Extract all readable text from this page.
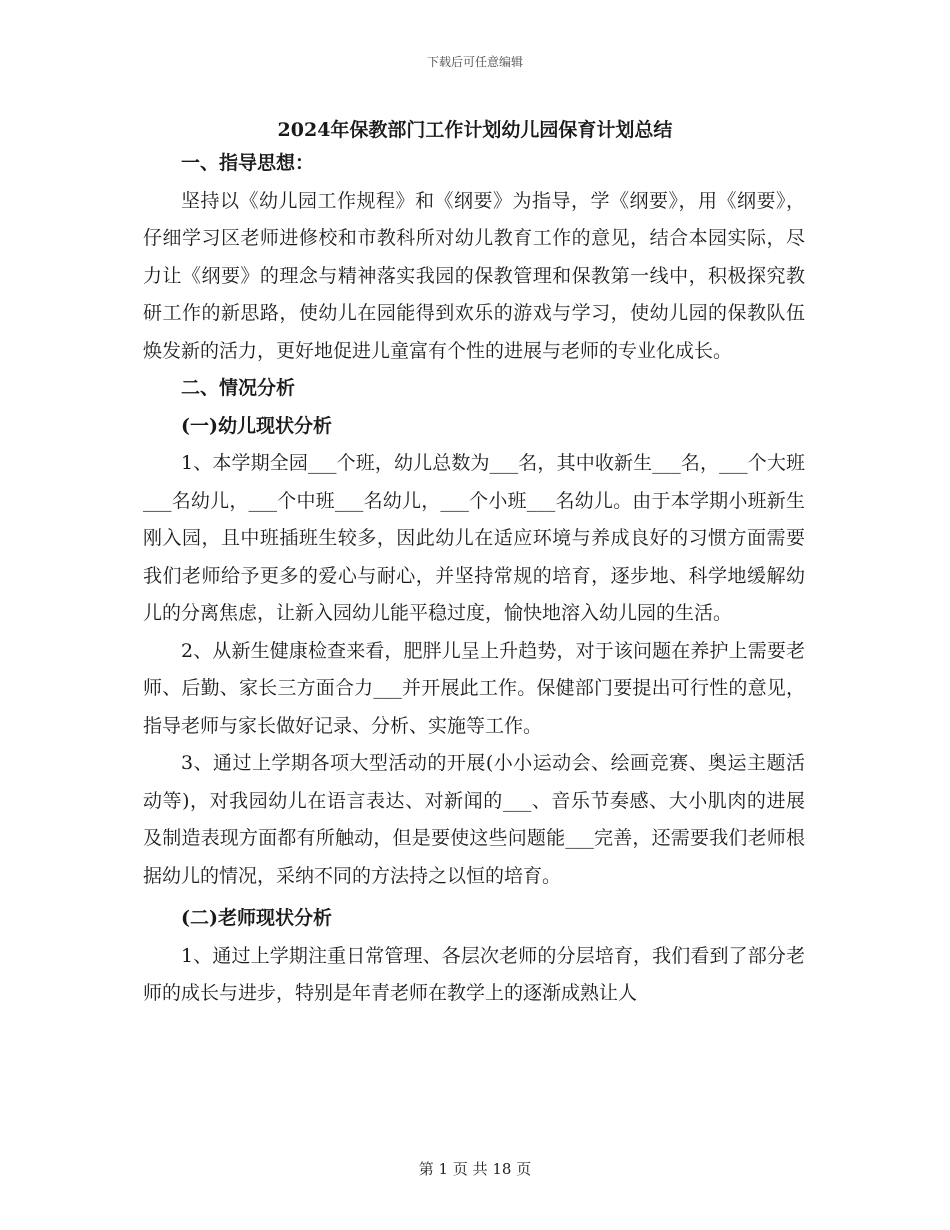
下载后可任意编辑
2024年保教部门工作计划幼儿园保育计划总结
一、指导思想：

坚持以《幼儿园工作规程》和《纲要》为指导，学《纲要》，用《纲要》，仔细学习区老师进修校和市教科所对幼儿教育工作的意见，结合本园实际，尽力让《纲要》的理念与精神落实我园的保教管理和保教第一线中，积极探究教研工作的新思路，使幼儿在园能得到欢乐的游戏与学习，使幼儿园的保教队伍焕发新的活力，更好地促进儿童富有个性的进展与老师的专业化成长。

二、情况分析
(一)幼儿现状分析

1、本学期全园___个班，幼儿总数为___名，其中收新生___名，___个大班___名幼儿，___个中班___名幼儿，___个小班___名幼儿。由于本学期小班新生刚入园，且中班插班生较多，因此幼儿在适应环境与养成良好的习惯方面需要我们老师给予更多的爱心与耐心，并坚持常规的培育，逐步地、科学地缓解幼儿的分离焦虑，让新入园幼儿能平稳过度，愉快地溶入幼儿园的生活。

2、从新生健康检查来看，肥胖儿呈上升趋势，对于该问题在养护上需要老师、后勤、家长三方面合力___并开展此工作。保健部门要提出可行性的意见，指导老师与家长做好记录、分析、实施等工作。

3、通过上学期各项大型活动的开展(小小运动会、绘画竞赛、奥运主题活动等)，对我园幼儿在语言表达、对新闻的___、音乐节奏感、大小肌肉的进展及制造表现方面都有所触动，但是要使这些问题能___完善，还需要我们老师根据幼儿的情况，采纳不同的方法持之以恒的培育。

(二)老师现状分析

1、通过上学期注重日常管理、各层次老师的分层培育，我们看到了部分老师的成长与进步，特别是年青老师在教学上的逐渐成熟让人

第 1 页 共 18 页
